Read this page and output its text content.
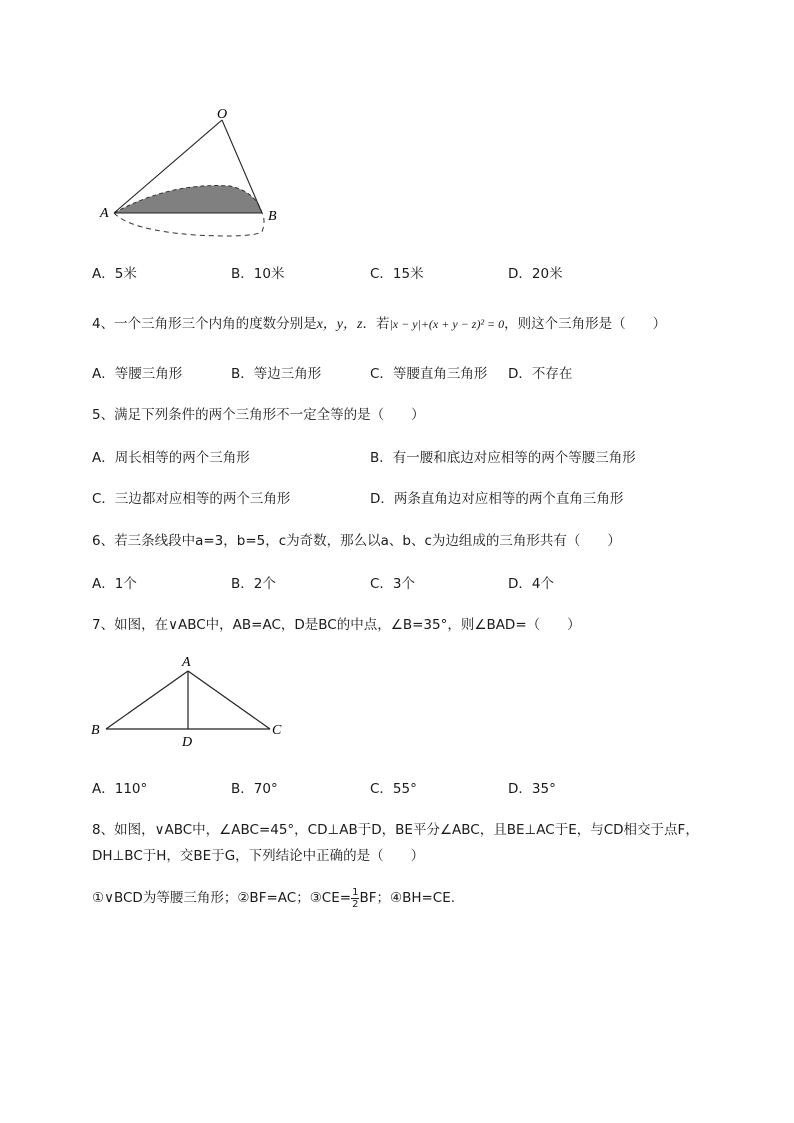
O
A	B
A．5米	B．10米	C．15米	D．20米
4、一个三角形三个内角的度数分别是x，y，z．若|x − y|+(x + y − z)² = 0，则这个三角形是（　　）
A．等腰三角形	B．等边三角形	C．等腰直角三角形 D．不存在
5、满足下列条件的两个三角形不一定全等的是（　　）
A．周长相等的两个三角形	B．有一腰和底边对应相等的两个等腰三角形
C．三边都对应相等的两个三角形	D．两条直角边对应相等的两个直角三角形
6、若三条线段中a=3，b=5，c为奇数，那么以a、b、c为边组成的三角形共有（　　）
A．1个	B．2个	C．3个	D．4个
7、如图，在∨ABC中，AB=AC，D是BC的中点，∠B=35°，则∠BAD=（　　）
A
B	C
D
A．110°	B．70°	C．55°	D．35°
8、如图，∨ABC中，∠ABC=45°，CD⊥AB于D，BE平分∠ABC，且BE⊥AC于E，与CD相交于点F，
DH⊥BC于H，交BE于G，下列结论中正确的是（　　）
①∨BCD为等腰三角形；②BF=AC；③CE= $\frac{1}{2}$ BF；④BH=CE.
